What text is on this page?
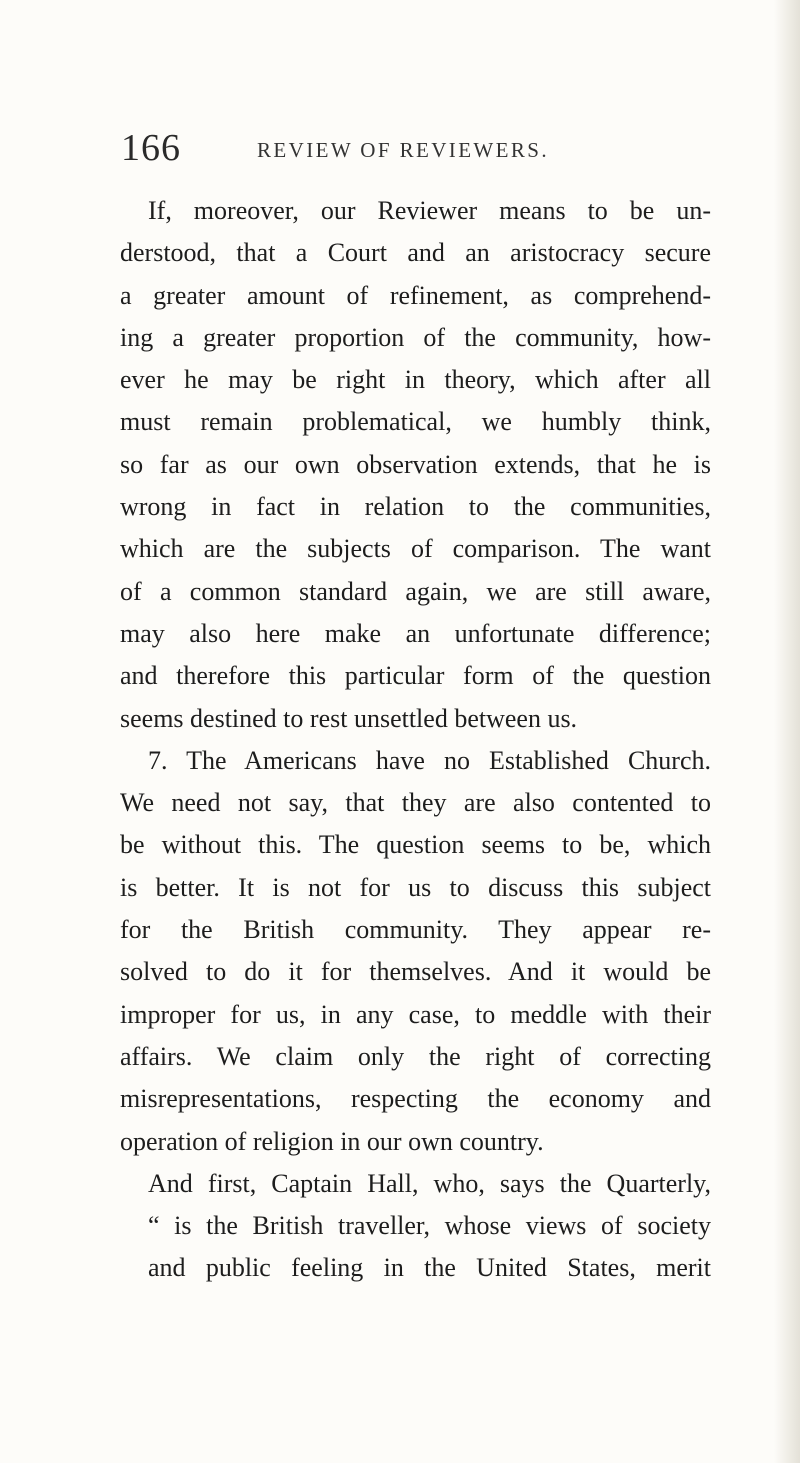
166	REVIEW OF REVIEWERS.
If, moreover, our Reviewer means to be un-
derstood, that a Court and an aristocracy secure
a greater amount of refinement, as comprehend-
ing a greater proportion of the community, how-
ever he may be right in theory, which after all
must remain problematical, we humbly think,
so far as our own observation extends, that he is
wrong in fact in relation to the communities,
which are the subjects of comparison. The want
of a common standard again, we are still aware,
may also here make an unfortunate difference;
and therefore this particular form of the question
seems destined to rest unsettled between us.
7. The Americans have no Established Church.
We need not say, that they are also contented to
be without this. The question seems to be, which
is better. It is not for us to discuss this subject
for the British community. They appear re-
solved to do it for themselves. And it would be
improper for us, in any case, to meddle with their
affairs. We claim only the right of correcting
misrepresentations, respecting the economy and
operation of religion in our own country.
And first, Captain Hall, who, says the Quarterly,
“ is the British traveller, whose views of society
and public feeling in the United States, merit
